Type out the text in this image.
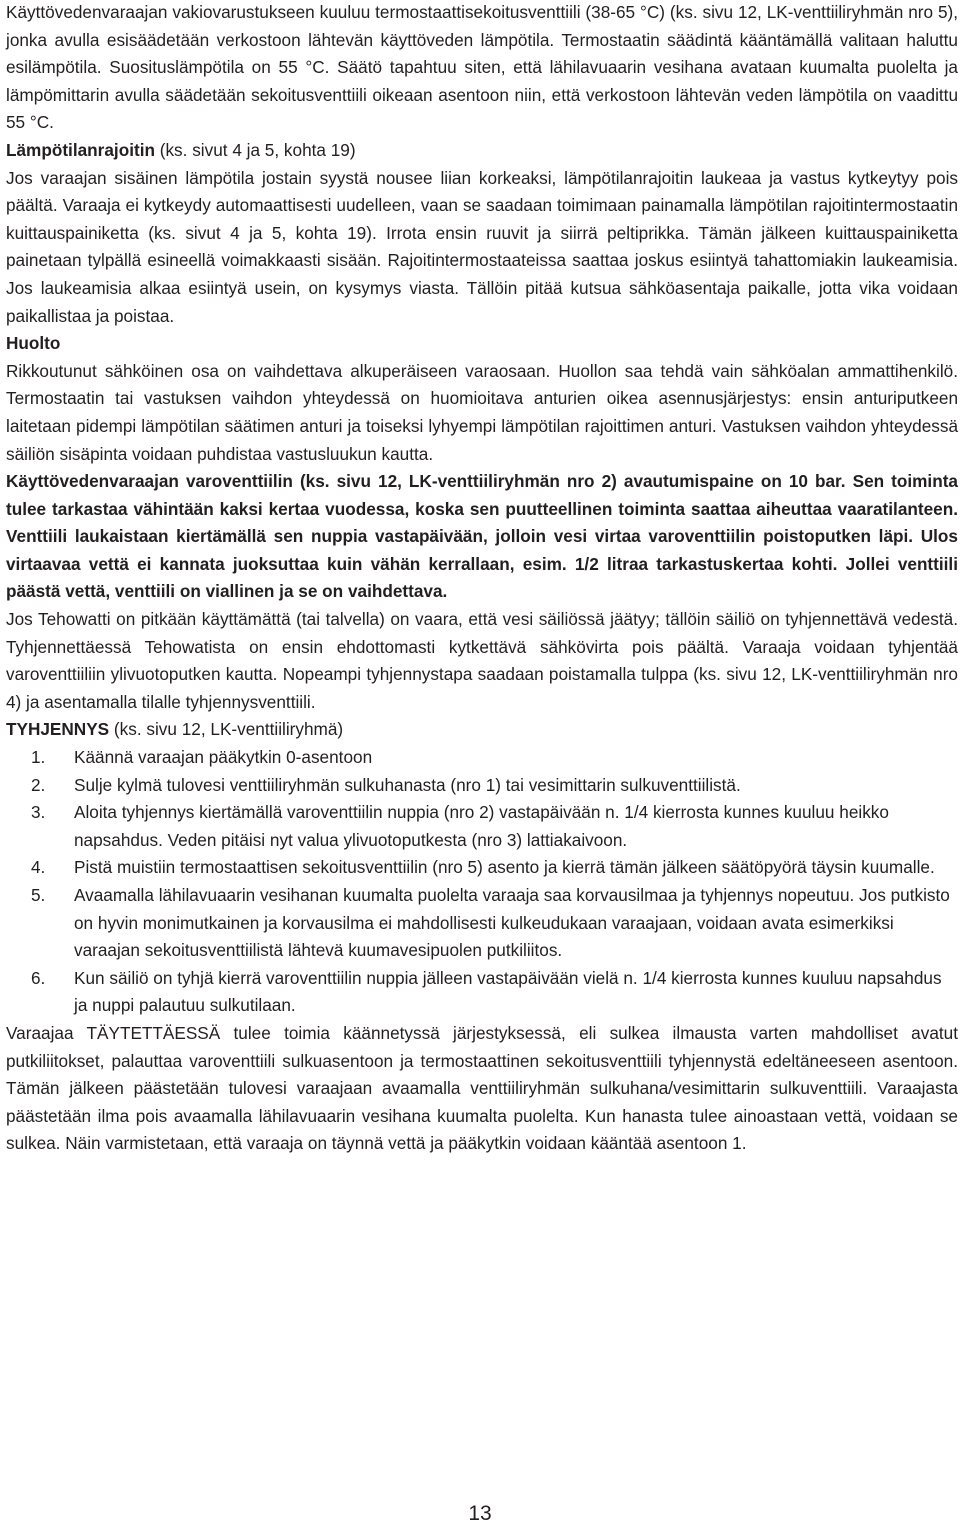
Käyttövedenvaraajan vakiovarustukseen kuuluu termostaattisekoitusventtiili (38-65 °C) (ks. sivu 12, LK-venttiiliryhmän nro 5), jonka avulla esisäädetään verkostoon lähtevän käyttöveden lämpötila. Termostaatin säädintä kääntämällä valitaan haluttu esilämpötila. Suosituslämpötila on 55 °C. Säätö tapahtuu siten, että lähilavuaarin vesihana avataan kuumalta puolelta ja lämpömittarin avulla säädetään sekoitusventtiili oikeaan asentoon niin, että verkostoon lähtevän veden lämpötila on vaadittu 55 °C.

Lämpötilanrajoitin (ks. sivut 4 ja 5, kohta 19)

Jos varaajan sisäinen lämpötila jostain syystä nousee liian korkeaksi, lämpötilanrajoitin laukeaa ja vastus kytkeytyy pois päältä. Varaaja ei kytkeydy automaattisesti uudelleen, vaan se saadaan toimimaan painamalla lämpötilan rajoitintermostaatin kuittauspainiketta (ks. sivut 4 ja 5, kohta 19). Irrota ensin ruuvit ja siirrä peltiprikka. Tämän jälkeen kuittauspainiketta painetaan tylpällä esineellä voimakkaasti sisään. Rajoitintermostaateissa saattaa joskus esiintyä tahattomiakin laukeamisia. Jos laukeamisia alkaa esiintyä usein, on kysymys viasta. Tällöin pitää kutsua sähköasentaja paikalle, jotta vika voidaan paikallistaa ja poistaa.

Huolto

Rikkoutunut sähköinen osa on vaihdettava alkuperäiseen varaosaan. Huollon saa tehdä vain sähköalan ammattihenkilö. Termostaatin tai vastuksen vaihdon yhteydessä on huomioitava anturien oikea asennusjärjestys: ensin anturiputkeen laitetaan pidempi lämpötilan säätimen anturi ja toiseksi lyhyempi lämpötilan rajoittimen anturi. Vastuksen vaihdon yhteydessä säiliön sisäpinta voidaan puhdistaa vastusluukun kautta.

Käyttövedenvaraajan varoventtiilin (ks. sivu 12, LK-venttiiliryhmän nro 2) avautumispaine on 10 bar. Sen toiminta tulee tarkastaa vähintään kaksi kertaa vuodessa, koska sen puutteellinen toiminta saattaa aiheuttaa vaaratilanteen. Venttiili laukaistaan kiertämällä sen nuppia vastapäivään, jolloin vesi virtaa varoventtiilin poistoputken läpi. Ulos virtaavaa vettä ei kannata juoksuttaa kuin vähän kerrallaan, esim. 1/2 litraa tarkastuskertaa kohti. Jollei venttiili päästä vettä, venttiili on viallinen ja se on vaihdettava.

Jos Tehowatti on pitkään käyttämättä (tai talvella) on vaara, että vesi säiliössä jäätyy; tällöin säiliö on tyhjennettävä vedestä. Tyhjennettäessä Tehowatista on ensin ehdottomasti kytkettävä sähkövirta pois päältä. Varaaja voidaan tyhjentää varoventtiiliin ylivuotoputken kautta. Nopeampi tyhjennystapa saadaan poistamalla tulppa (ks. sivu 12, LK-venttiiliryhmän nro 4) ja asentamalla tilalle tyhjennysventtiili.

TYHJENNYS (ks. sivu 12, LK-venttiiliryhmä)

1. Käännä varaajan pääkytkin 0-asentoon
2. Sulje kylmä tulovesi venttiiliryhmän sulkuhanasta (nro 1) tai vesimittarin sulkuventtiilistä.
3. Aloita tyhjennys kiertämällä varoventtiilin nuppia (nro 2) vastapäivään n. 1/4 kierrosta kunnes kuuluu heikko napsahdus. Veden pitäisi nyt valua ylivuotoputkesta (nro 3) lattiakaivoon.
4. Pistä muistiin termostaattisen sekoitusventtiilin (nro 5) asento ja kierrä tämän jälkeen säätöpyörä täysin kuumalle.
5. Avaamalla lähilavuaarin vesihanan kuumalta puolelta varaaja saa korvausilmaa ja tyhjennys nopeutuu. Jos putkisto on hyvin monimutkainen ja korvausilma ei mahdollisesti kulkeudukaan varaajaan, voidaan avata esimerkiksi varaajan sekoitusventtiilistä lähtevä kuumavesipuolen putkiliitos.
6. Kun säiliö on tyhjä kierrä varoventtiilin nuppia jälleen vastapäivään vielä n. 1/4 kierrosta kunnes kuuluu napsahdus ja nuppi palautuu sulkutilaan.

Varaajaa TÄYTETTÄESSÄ tulee toimia käännetyssä järjestyksessä, eli sulkea ilmausta varten mahdolliset avatut putkiliitokset, palauttaa varoventtiili sulkuasentoon ja termostaattinen sekoitusventtiili tyhjennystä edeltäneeseen asentoon. Tämän jälkeen päästetään tulovesi varaajaan avaamalla venttiiliryhmän sulkuhana/vesimittarin sulkuventtiili. Varaajasta päästetään ilma pois avaamalla lähilavuaarin vesihana kuumalta puolelta. Kun hanasta tulee ainoastaan vettä, voidaan se sulkea. Näin varmistetaan, että varaaja on täynnä vettä ja pääkytkin voidaan kääntää asentoon 1.

13
